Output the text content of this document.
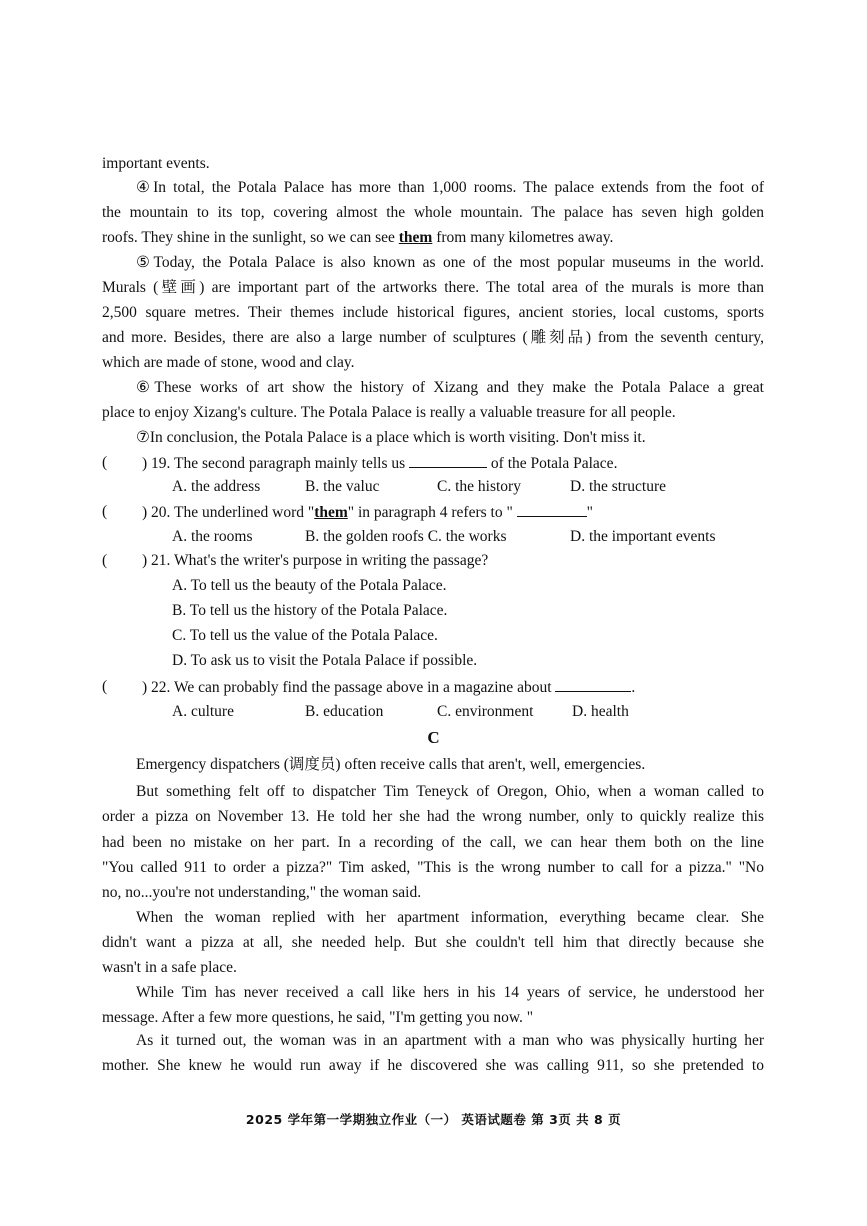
important events.
④In total, the Potala Palace has more than 1,000 rooms. The palace extends from the foot of
the mountain to its top, covering almost the whole mountain. The palace has seven high golden
roofs. They shine in the sunlight, so we can see them from many kilometres away.
⑤Today, the Potala Palace is also known as one of the most popular museums in the world.
Murals (壁画) are important part of the artworks there. The total area of the murals is more than
2,500 square metres. Their themes include historical figures, ancient stories, local customs, sports
and more. Besides, there are also a large number of sculptures (雕刻品) from the seventh century,
which are made of stone, wood and clay.
⑥These works of art show the history of Xizang and they make the Potala Palace a great
place to enjoy Xizang's culture. The Potala Palace is really a valuable treasure for all people.
⑦In conclusion, the Potala Palace is a place which is worth visiting. Don't miss it.
( ) 19. The second paragraph mainly tells us	of the Potala Palace.
A. the address	B. the valuc	C. the history	D. the structure
( ) 20. The underlined word "them" in paragraph 4 refers to "	"
A. the rooms	B. the golden roofs C. the works	D. the important events
( ) 21. What's the writer's purpose in writing the passage?
A. To tell us the beauty of the Potala Palace.
B. To tell us the history of the Potala Palace.
C. To tell us the value of the Potala Palace.
D. To ask us to visit the Potala Palace if possible.
( ) 22. We can probably find the passage above in a magazine about	.
A. culture	B. education	C. environment D. health
C
Emergency dispatchers (调度员) often receive calls that aren't, well, emergencies.
But something felt off to dispatcher Tim Teneyck of Oregon, Ohio, when a woman called to
order a pizza on November 13. He told her she had the wrong number, only to quickly realize this
had been no mistake on her part. In a recording of the call, we can hear them both on the line
"You called 911 to order a pizza?" Tim asked, "This is the wrong number to call for a pizza." "No
no, no...you're not understanding," the woman said.
When the woman replied with her apartment information, everything became clear. She
didn't want a pizza at all, she needed help. But she couldn't tell him that directly because she
wasn't in a safe place.
While Tim has never received a call like hers in his 14 years of service, he understood her
message. After a few more questions, he said, "I'm getting you now. "
As it turned out, the woman was in an apartment with a man who was physically hurting her
mother. She knew he would run away if he discovered she was calling 911, so she pretended to
2025 学年第一学期独立作业（一） 英语试题卷 第 3页 共 8 页
